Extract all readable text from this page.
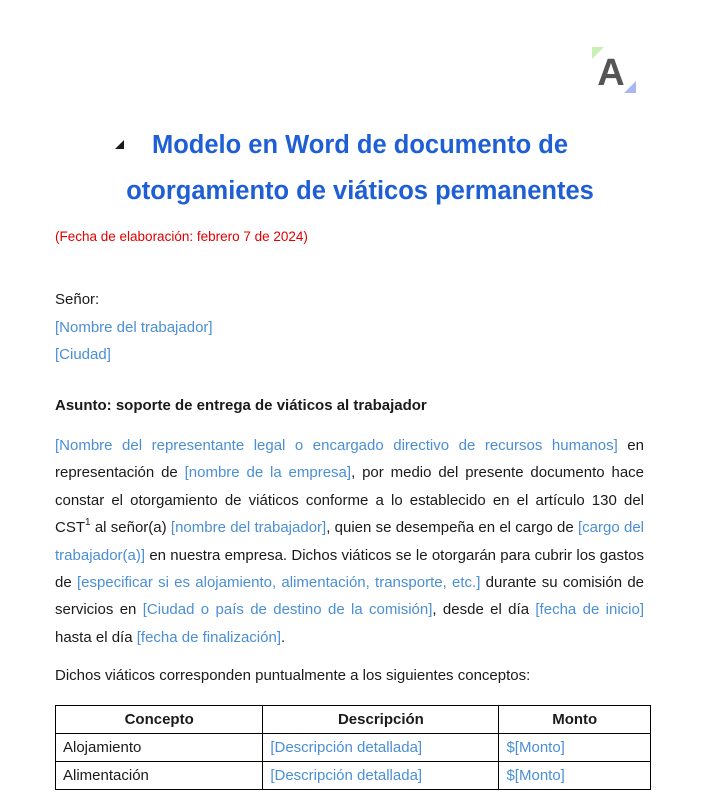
A
Modelo en Word de documento de
otorgamiento de viáticos permanentes
(Fecha de elaboración: febrero 7 de 2024)
Señor:
[Nombre del trabajador]
[Ciudad]
Asunto: soporte de entrega de viáticos al trabajador
[Nombre del representante legal o encargado directivo de recursos humanos] en representación de [nombre de la empresa], por medio del presente documento hace constar el otorgamiento de viáticos conforme a lo establecido en el artículo 130 del CST$^1$ al señor(a) [nombre del trabajador], quien se desempeña en el cargo de [cargo del trabajador(a)] en nuestra empresa. Dichos viáticos se le otorgarán para cubrir los gastos de [especificar si es alojamiento, alimentación, transporte, etc.] durante su comisión de servicios en [Ciudad o país de destino de la comisión], desde el día [fecha de inicio] hasta el día [fecha de finalización].
Dichos viáticos corresponden puntualmente a los siguientes conceptos:
Concepto	Descripción	Monto
Alojamiento	[Descripción detallada]	$[Monto]
Alimentación	[Descripción detallada]	$[Monto]
